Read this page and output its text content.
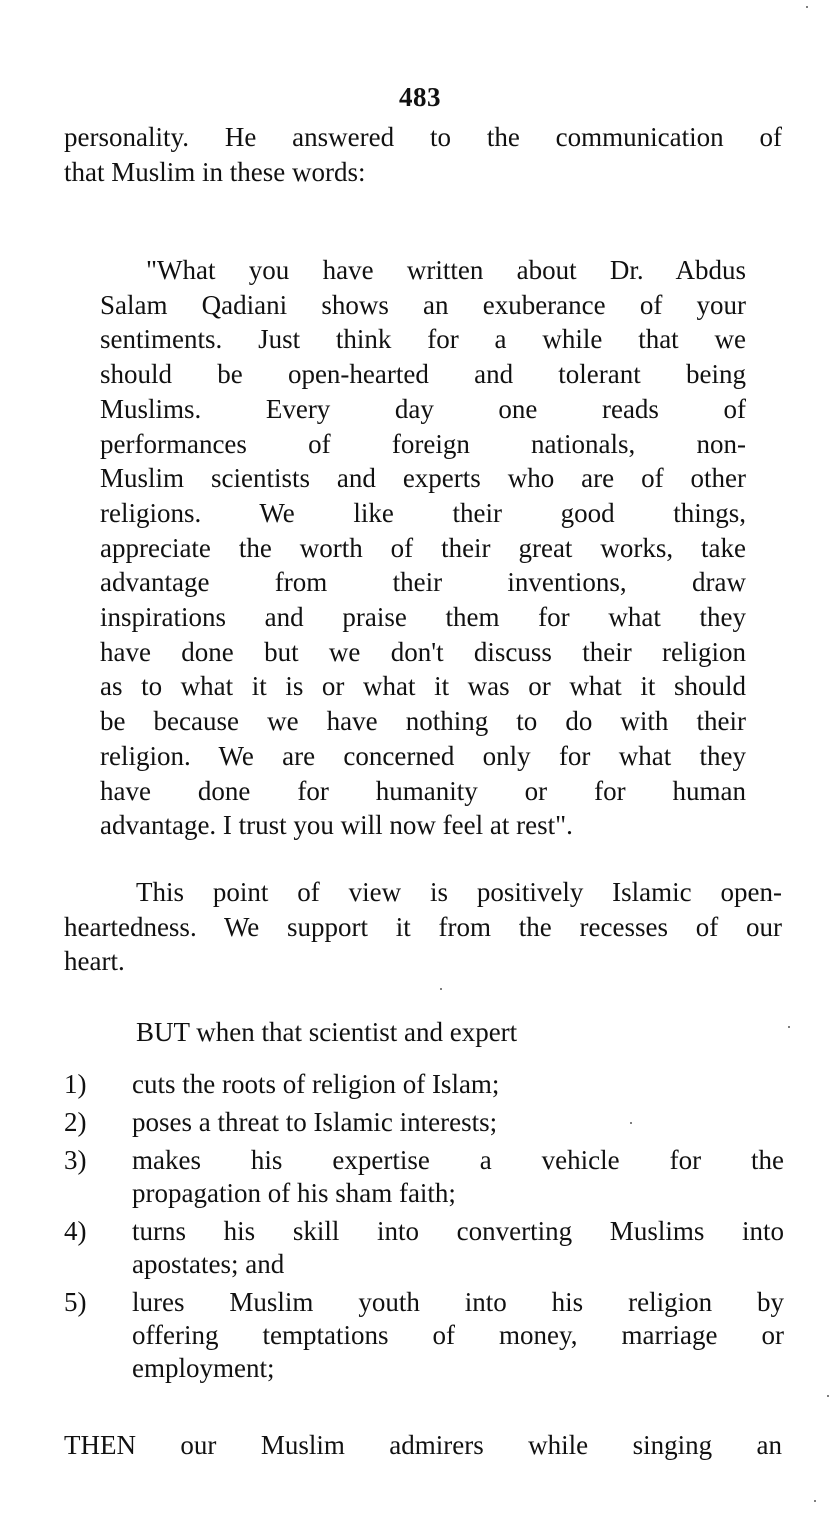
483
personality. He answered to the communication of
that Muslim in these words:
"What you have written about Dr. Abdus
Salam Qadiani shows an exuberance of your
sentiments. Just think for a while that we
should be open-hearted and tolerant being
Muslims. Every day one reads of
performances of foreign nationals, non-
Muslim scientists and experts who are of other
religions. We like their good things,
appreciate the worth of their great works, take
advantage from their inventions, draw
inspirations and praise them for what they
have done but we don't discuss their religion
as to what it is or what it was or what it should
be because we have nothing to do with their
religion. We are concerned only for what they
have done for humanity or for human
advantage. I trust you will now feel at rest".
This point of view is positively Islamic open-
heartedness. We support it from the recesses of our
heart.
BUT when that scientist and expert
1) cuts the roots of religion of Islam;
2) poses a threat to Islamic interests;
3) makes his expertise a vehicle for the
propagation of his sham faith;
4) turns his skill into converting Muslims into
apostates; and
5) lures Muslim youth into his religion by
offering temptations of money, marriage or
employment;
THEN our Muslim admirers while singing an
